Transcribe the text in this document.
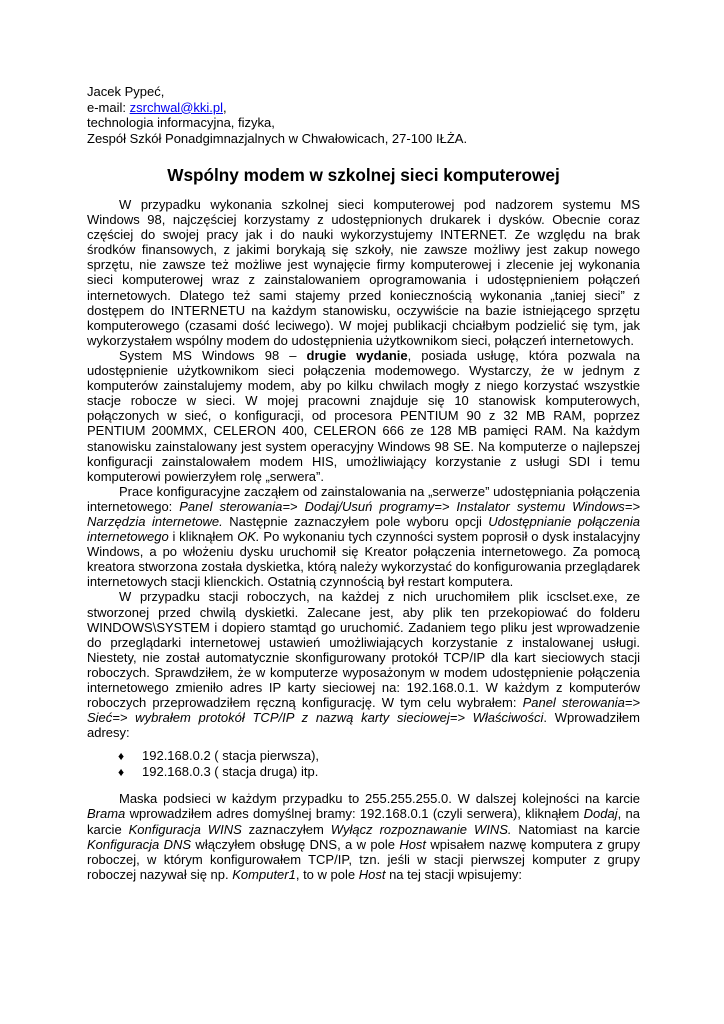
Jacek Pypeć,

e-mail: zsrchwal@kki.pl,

technologia informacyjna, fizyka,

Zespół Szkół Ponadgimnazjalnych w Chwałowicach, 27-100 IŁŻA.

Wspólny modem w szkolnej sieci komputerowej

W przypadku wykonania szkolnej sieci komputerowej pod nadzorem systemu MS Windows 98, najczęściej korzystamy z udostępnionych drukarek i dysków. Obecnie coraz częściej do swojej pracy jak i do nauki wykorzystujemy INTERNET. Ze względu na brak środków finansowych, z jakimi borykają się szkoły, nie zawsze możliwy jest zakup nowego sprzętu, nie zawsze też możliwe jest wynajęcie firmy komputerowej i zlecenie jej wykonania sieci komputerowej wraz z zainstalowaniem oprogramowania i udostępnieniem połączeń internetowych. Dlatego też sami stajemy przed koniecznością wykonania „taniej sieci” z dostępem do INTERNETU na każdym stanowisku, oczywiście na bazie istniejącego sprzętu komputerowego (czasami dość leciwego). W mojej publikacji chciałbym podzielić się tym, jak wykorzystałem wspólny modem do udostępnienia użytkownikom sieci, połączeń internetowych.

System MS Windows 98 – drugie wydanie, posiada usługę, która pozwala na udostępnienie użytkownikom sieci połączenia modemowego. Wystarczy, że w jednym z komputerów zainstalujemy modem, aby po kilku chwilach mogły z niego korzystać wszystkie stacje robocze w sieci. W mojej pracowni znajduje się 10 stanowisk komputerowych, połączonych w sieć, o konfiguracji, od procesora PENTIUM 90 z 32 MB RAM, poprzez PENTIUM 200MMX, CELERON 400, CELERON 666 ze 128 MB pamięci RAM. Na każdym stanowisku zainstalowany jest system operacyjny Windows 98 SE. Na komputerze o najlepszej konfiguracji zainstalowałem modem HIS, umożliwiający korzystanie z usługi SDI i temu komputerowi powierzyłem rolę „serwera”.

Prace konfiguracyjne zacząłem od zainstalowania na „serwerze” udostępniania połączenia internetowego: Panel sterowania=> Dodaj/Usuń programy=> Instalator systemu Windows=> Narzędzia internetowe. Następnie zaznaczyłem pole wyboru opcji Udostępnianie połączenia internetowego i kliknąłem OK. Po wykonaniu tych czynności system poprosił o dysk instalacyjny Windows, a po włożeniu dysku uruchomił się Kreator połączenia internetowego. Za pomocą kreatora stworzona została dyskietka, którą należy wykorzystać do konfigurowania przeglądarek internetowych stacji klienckich. Ostatnią czynnością był restart komputera.

W przypadku stacji roboczych, na każdej z nich uruchomiłem plik icsclset.exe, ze stworzonej przed chwilą dyskietki. Zalecane jest, aby plik ten przekopiować do folderu WINDOWS\SYSTEM i dopiero stamtąd go uruchomić. Zadaniem tego pliku jest wprowadzenie do przeglądarki internetowej ustawień umożliwiających korzystanie z instalowanej usługi. Niestety, nie został automatycznie skonfigurowany protokół TCP/IP dla kart sieciowych stacji roboczych. Sprawdziłem, że w komputerze wyposażonym w modem udostępnienie połączenia internetowego zmieniło adres IP karty sieciowej na: 192.168.0.1. W każdym z komputerów roboczych przeprowadziłem ręczną konfigurację. W tym celu wybrałem: Panel sterowania=> Sieć=> wybrałem protokół TCP/IP z nazwą karty sieciowej=> Właściwości. Wprowadziłem adresy:

♦ 192.168.0.2 ( stacja pierwsza),
♦ 192.168.0.3 ( stacja druga) itp.

Maska podsieci w każdym przypadku to 255.255.255.0. W dalszej kolejności na karcie Brama wprowadziłem adres domyślnej bramy: 192.168.0.1 (czyli serwera), kliknąłem Dodaj, na karcie Konfiguracja WINS zaznaczyłem Wyłącz rozpoznawanie WINS. Natomiast na karcie Konfiguracja DNS włączyłem obsługę DNS, a w pole Host wpisałem nazwę komputera z grupy roboczej, w którym konfigurowałem TCP/IP, tzn. jeśli w stacji pierwszej komputer z grupy roboczej nazywał się np. Komputer1, to w pole Host na tej stacji wpisujemy:
